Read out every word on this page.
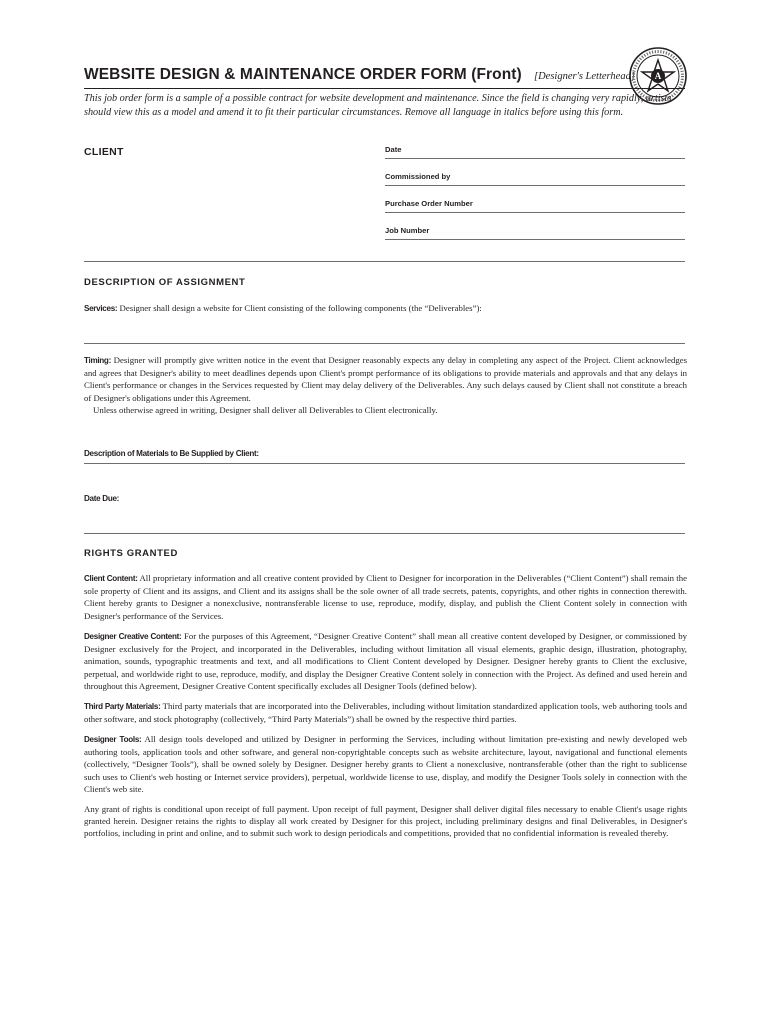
WEBSITE DESIGN & MAINTENANCE ORDER FORM (Front) [Designer's Letterhead] A
This job order form is a sample of a possible contract for website development and maintenance. Since the field is changing very rapidly, artists should view this as a model and amend it to fit their particular circumstances. Remove all language in italics before using this form.
CLIENT	Date
Commissioned by
Purchase Order Number
Job Number
DESCRIPTION OF ASSIGNMENT
Services: Designer shall design a website for Client consisting of the following components (the “Deliverables”):
Timing: Designer will promptly give written notice in the event that Designer reasonably expects any delay in completing any aspect of the Project. Client acknowledges and agrees that Designer's ability to meet deadlines depends upon Client's prompt performance of its obligations to provide materials and approvals and that any delays in Client's performance or changes in the Services requested by Client may delay delivery of the Deliverables. Any such delays caused by Client shall not constitute a breach of Designer's obligations under this Agreement.
Unless otherwise agreed in writing, Designer shall deliver all Deliverables to Client electronically.
Description of Materials to Be Supplied by Client:
Date Due:
RIGHTS GRANTED
Client Content: All proprietary information and all creative content provided by Client to Designer for incorporation in the Deliverables (“Client Content”) shall remain the sole property of Client and its assigns, and Client and its assigns shall be the sole owner of all trade secrets, patents, copyrights, and other rights in connection therewith. Client hereby grants to Designer a nonexclusive, nontransferable license to use, reproduce, modify, display, and publish the Client Content solely in connection with Designer's performance of the Services.
Designer Creative Content: For the purposes of this Agreement, “Designer Creative Content” shall mean all creative content developed by Designer, or commissioned by Designer exclusively for the Project, and incorporated in the Deliverables, including without limitation all visual elements, graphic design, illustration, photography, animation, sounds, typographic treatments and text, and all modifications to Client Content developed by Designer. Designer hereby grants to Client the exclusive, perpetual, and worldwide right to use, reproduce, modify, and display the Designer Creative Content solely in connection with the Project. As defined and used herein and throughout this Agreement, Designer Creative Content specifically excludes all Designer Tools (defined below).
Third Party Materials: Third party materials that are incorporated into the Deliverables, including without limitation standardized application tools, web authoring tools and other software, and stock photography (collectively, “Third Party Materials”) shall be owned by the respective third parties.
Designer Tools: All design tools developed and utilized by Designer in performing the Services, including without limitation pre-existing and newly developed web authoring tools, application tools and other software, and general non-copyrightable concepts such as website architecture, layout, navigational and functional elements (collectively, “Designer Tools”), shall be owned solely by Designer. Designer hereby grants to Client a nonexclusive, nontransferable (other than the right to sublicense such uses to Client's web hosting or Internet service providers), perpetual, worldwide license to use, display, and modify the Designer Tools solely in connection with the Client's web site.
Any grant of rights is conditional upon receipt of full payment. Upon receipt of full payment, Designer shall deliver digital files necessary to enable Client's usage rights granted herein. Designer retains the rights to display all work created by Designer for this project, including preliminary designs and final Deliverables, in Designer's portfolios, including in print and online, and to submit such work to design periodicals and competitions, provided that no confidential information is revealed thereby.
